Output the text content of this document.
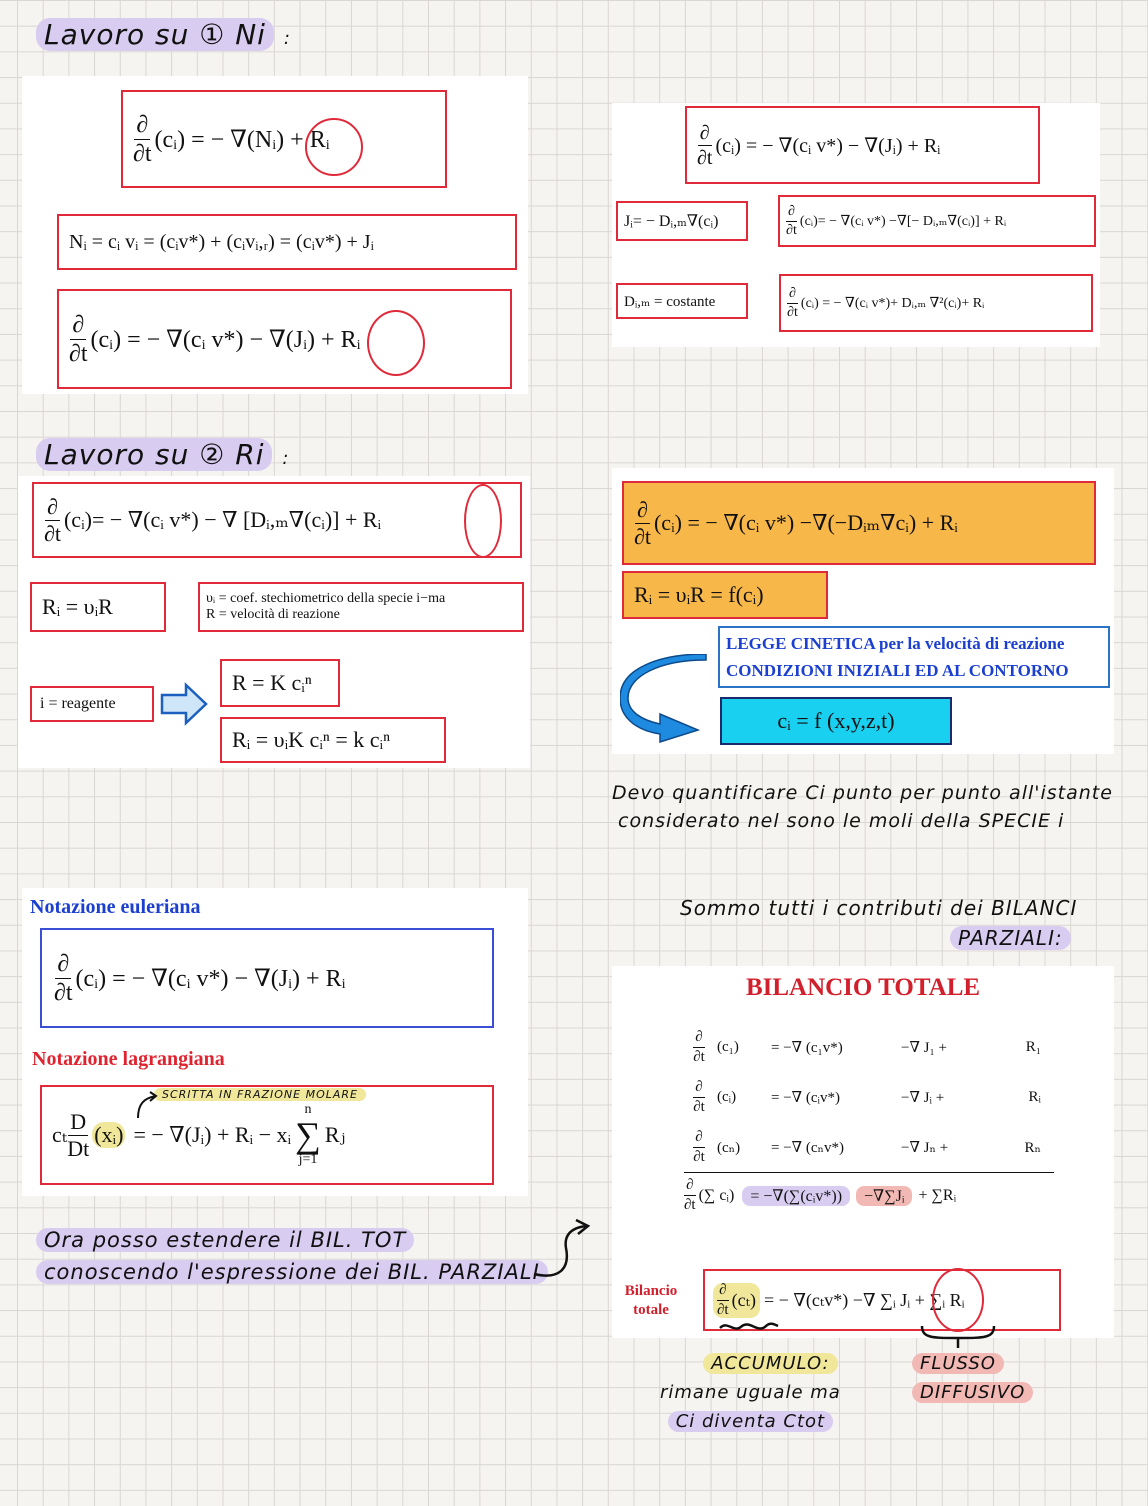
Lavoro su ① Ni :
$\frac{\partial}{\partial t}$ (cᵢ) = − ∇(Nᵢ) + Rᵢ
Nᵢ = cᵢ vᵢ = (cᵢv*) + (cᵢvᵢ,ᵣ) = (cᵢv*) + Jᵢ
$\frac{\partial}{\partial t}$ (cᵢ) = − ∇(cᵢ v*) − ∇(Jᵢ) + Rᵢ
$\frac{\partial}{\partial t}$ (cᵢ) = − ∇(cᵢ v*) − ∇(Jᵢ) + Rᵢ
Jᵢ= − Dᵢ,ₘ∇(cᵢ)	$\frac{\partial}{\partial t}$ (cᵢ)= − ∇(cᵢ v*) −∇[− Dᵢ,ₘ∇(cᵢ)] + Rᵢ
Dᵢ,ₘ = costante	$\frac{\partial}{\partial t}$ (cᵢ) = − ∇(cᵢ v*)+ Dᵢ,ₘ ∇²(cᵢ)+ Rᵢ
Lavoro su ② Ri :
$\frac{\partial}{\partial t}$ (cᵢ)= − ∇(cᵢ v*) − ∇ [Dᵢ,ₘ∇(cᵢ)] + Rᵢ
Rᵢ = υᵢR	υᵢ = coef. stechiometrico della specie i−ma
R = velocità di reazione
i = reagente
R = K cᵢⁿ
Rᵢ = υᵢK cᵢⁿ = k cᵢⁿ
$\frac{\partial}{\partial t}$ (cᵢ) = − ∇(cᵢ v*) −∇(−Dᵢₘ∇cᵢ) + Rᵢ
Rᵢ = υᵢR = f(cᵢ)
LEGGE CINETICA per la velocità di reazione
CONDIZIONI INIZIALI ED AL CONTORNO
cᵢ = f (x,y,z,t)
Devo quantificare Ci punto per punto all'istante
considerato nel sono le moli della SPECIE i
Notazione euleriana
$\frac{\partial}{\partial t}$ (cᵢ) = − ∇(cᵢ v*) − ∇(Jᵢ) + Rᵢ
Notazione lagrangiana
cₜ $\frac{D}{Dt}$ (xᵢ) = − ∇(Jᵢ) + Rᵢ − xᵢ
n
∑
j=1
Rⱼ
SCRITTA IN FRAZIONE MOLARE
Ora posso estendere il BIL. TOT
conoscendo l'espressione dei BIL. PARZIALI
Sommo tutti i contributi dei BILANCI
PARZIALI:
BILANCIO TOTALE
$\frac{\partial}{\partial t} (c_1)$	= −∇ (c₁v*)	−∇ J₁ +	R₁
$\frac{\partial}{\partial t}$ (cᵢ)	= −∇ (cᵢv*)	−∇ Jᵢ +	Rᵢ
$\frac{\partial}{\partial t} (c_n)$	= −∇ (cₙv*)	−∇ Jₙ +	Rₙ
$\frac{\partial}{\partial t}$ (∑ cᵢ)	= −∇(∑(cᵢv*))	−∇∑Jᵢ + ∑Rᵢ
Bilancio
totale	$\frac{\partial}{\partial t} (c_t)$ = − ∇(cₜv*) −∇ ∑ᵢ Jᵢ + ∑ᵢ Rᵢ
ACCUMULO:
rimane uguale ma
Ci diventa Ctot
FLUSSO
DIFFUSIVO
